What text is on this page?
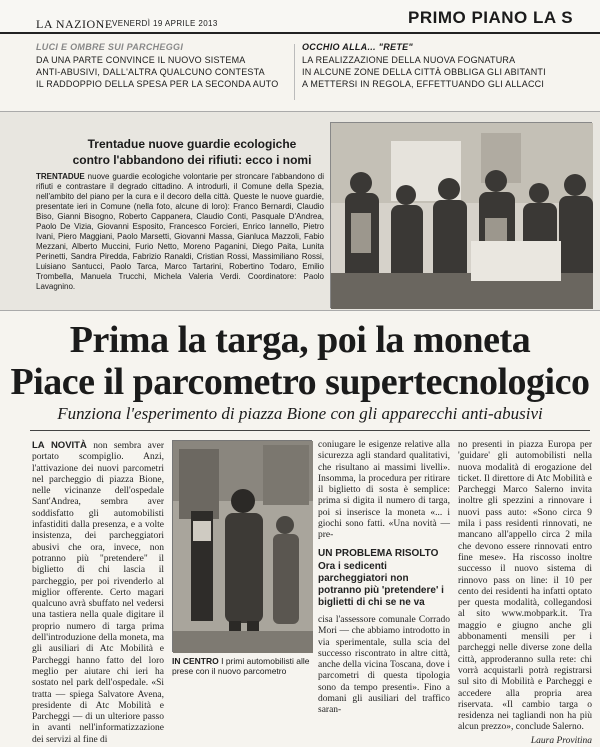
LA NAZIONE VENERDÌ 19 APRILE 2013	PRIMO PIANO LA S
LUCI E OMBRE SUI PARCHEGGI
DA UNA PARTE CONVINCE IL NUOVO SISTEMA
ANTI-ABUSIVI, DALL'ALTRA QUALCUNO CONTESTA
IL RADDOPPIO DELLA SPESA PER LA SECONDA AUTO
OCCHIO ALLA... "RETE"
LA REALIZZAZIONE DELLA NUOVA FOGNATURA
IN ALCUNE ZONE DELLA CITTÀ OBBLIGA GLI ABITANTI
A METTERSI IN REGOLA, EFFETTUANDO GLI ALLACCI
Trentadue nuove guardie ecologiche
contro l'abbandono dei rifiuti: ecco i nomi
TRENTADUE nuove guardie ecologiche volontarie per stroncare l'abbandono di rifiuti e contrastare il degrado cittadino. A introdurli, il Comune della Spezia, nell'ambito del piano per la cura e il decoro della città. Queste le nuove guardie, presentate ieri in Comune (nella foto, alcune di loro): Franco Bernardi, Claudio Biso, Gianni Bisogno, Roberto Cappanera, Claudio Conti, Pasquale D'Andrea, Paolo De Vizia, Giovanni Esposito, Francesco Forcieri, Enrico Iannello, Pietro Ivani, Piero Maggiani, Paolo Marsetti, Giovanni Massa, Gianluca Mazzoli, Fabio Mezzani, Alberto Muccini, Furio Netto, Moreno Paganini, Diego Paita, Lunita Perinetti, Sandra Piredda, Fabrizio Ranaldi, Cristian Rossi, Massimiliano Rossi, Luisiano Santucci, Paolo Tarca, Marco Tartarini, Robertino Todaro, Emilio Trombella, Manuela Trucchi, Michela Valeria Verdi. Coordinatore: Paolo Lavagnino.
Prima la targa, poi la moneta
Piace il parcometro supertecnologico
Funziona l'esperimento di piazza Bione con gli apparecchi anti-abusivi
LA NOVITÀ non sembra aver portato scompiglio. Anzi, l'attivazione dei nuovi parcometri nel parcheggio di piazza Bione, nelle vicinanze dell'ospedale Sant'Andrea, sembra aver soddisfatto gli automobilisti infastiditi dalla presenza, e a volte insistenza, dei parcheggiatori abusivi che ora, invece, non potranno più "pretendere" il biglietto di chi lascia il parcheggio, per poi rivenderlo al miglior offerente. Certo magari qualcuno avrà sbuffato nel vedersi una tastiera nella quale digitare il proprio numero di targa prima dell'introduzione della moneta, ma gli ausiliari di Atc Mobilità e Parcheggi hanno fatto del loro meglio per aiutare chi ieri ha sostato nel park dell'ospedale. «Si tratta — spiega Salvatore Avena, presidente di Atc Mobilità e Parcheggi — di un ulteriore passo in avanti nell'informatizzazione dei servizi al fine di
IN CENTRO I primi automobilisti alle prese con il nuovo parcometro
coniugare le esigenze relative alla sicurezza agli standard qualitativi, che risultano ai massimi livelli». Insomma, la procedura per ritirare il biglietto di sosta è semplice: prima si digita il numero di targa, poi si inserisce la moneta «... i giochi sono fatti. «Una novità — pre-
UN PROBLEMA RISOLTO
Ora i sedicenti parcheggiatori non potranno più 'pretendere' i biglietti di chi se ne va
cisa l'assessore comunale Corrado Mori — che abbiamo introdotto in via sperimentale, sulla scia del successo riscontrato in altre città, anche della vicina Toscana, dove i parcometri di questa tipologia sono da tempo presenti». Fino a domani gli ausiliari del traffico saran-
no presenti in piazza Europa per 'guidare' gli automobilisti nella nuova modalità di erogazione del ticket. Il direttore di Atc Mobilità e Parcheggi Marco Salerno invita inoltre gli spezzini a rinnovare i nuovi pass auto: «Sono circa 9 mila i pass residenti rinnovati, ne mancano all'appello circa 2 mila che devono essere rinnovati entro fine mese». Ha riscosso inoltre successo il nuovo sistema di rinnovo pass on line: il 10 per cento dei residenti ha infatti optato per questa modalità, collegandosi al sito www.mobpark.it. Tra maggio e giugno anche gli abbonamenti mensili per i parcheggi nelle diverse zone della città, approderanno sulla rete: chi vorrà acquistarli potrà registrarsi sul sito di Mobilità e Parcheggi e accedere alla propria area riservata. «Il cambio targa o residenza nei tagliandi non ha più alcun prezzo», conclude Salerno.
Laura Provitina
